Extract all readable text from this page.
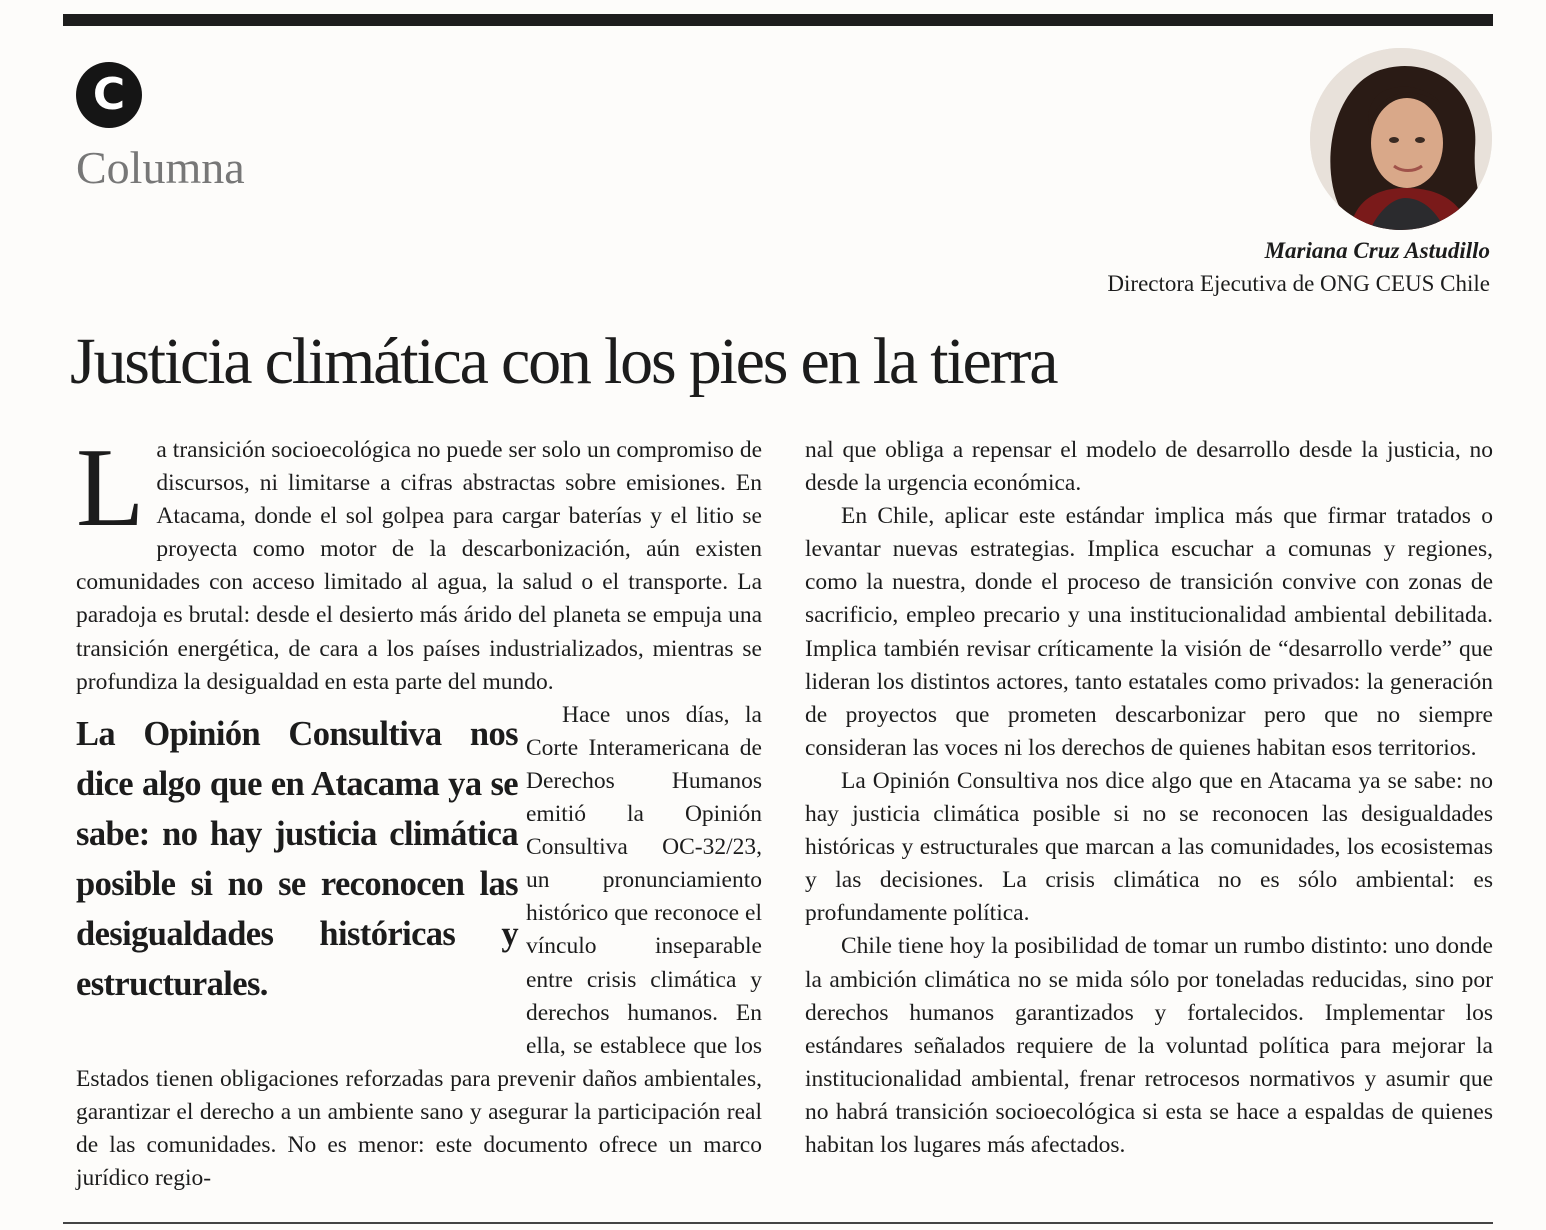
C
Columna
Mariana Cruz Astudillo
Directora Ejecutiva de ONG CEUS Chile
Justicia climática con los pies en la tierra

La transición socioecológica no puede ser solo un compromiso de discursos, ni limitarse a cifras abstractas sobre emisiones. En Atacama, donde el sol golpea para cargar baterías y el litio se proyecta como motor de la descarbonización, aún existen comunidades con acceso limitado al agua, la salud o el transporte. La paradoja es brutal: desde el desierto más árido del planeta se empuja una transición energética, de cara a los países industrializados, mientras se profundiza la desigualdad en esta parte del mundo.

La Opinión Consultiva nos dice algo que en Atacama ya se sabe: no hay justicia climática posible si no se reconocen las desigualdades históricas y estructurales.

Hace unos días, la Corte Interamericana de Derechos Humanos emitió la Opinión Consultiva OC-32/23, un pronunciamiento histórico que reconoce el vínculo inseparable entre crisis climática y derechos humanos. En ella, se establece que los Estados tienen obligaciones reforzadas para prevenir daños ambientales, garantizar el derecho a un ambiente sano y asegurar la participación real de las comunidades. No es menor: este documento ofrece un marco jurídico regio-

nal que obliga a repensar el modelo de desarrollo desde la justicia, no desde la urgencia económica.

En Chile, aplicar este estándar implica más que firmar tratados o levantar nuevas estrategias. Implica escuchar a comunas y regiones, como la nuestra, donde el proceso de transición convive con zonas de sacrificio, empleo precario y una institucionalidad ambiental debilitada. Implica también revisar críticamente la visión de “desarrollo verde” que lideran los distintos actores, tanto estatales como privados: la generación de proyectos que prometen descarbonizar pero que no siempre consideran las voces ni los derechos de quienes habitan esos territorios.

La Opinión Consultiva nos dice algo que en Atacama ya se sabe: no hay justicia climática posible si no se reconocen las desigualdades históricas y estructurales que marcan a las comunidades, los ecosistemas y las decisiones. La crisis climática no es sólo ambiental: es profundamente política.

Chile tiene hoy la posibilidad de tomar un rumbo distinto: uno donde la ambición climática no se mida sólo por toneladas reducidas, sino por derechos humanos garantizados y fortalecidos. Implementar los estándares señalados requiere de la voluntad política para mejorar la institucionalidad ambiental, frenar retrocesos normativos y asumir que no habrá transición socioecológica si esta se hace a espaldas de quienes habitan los lugares más afectados.
